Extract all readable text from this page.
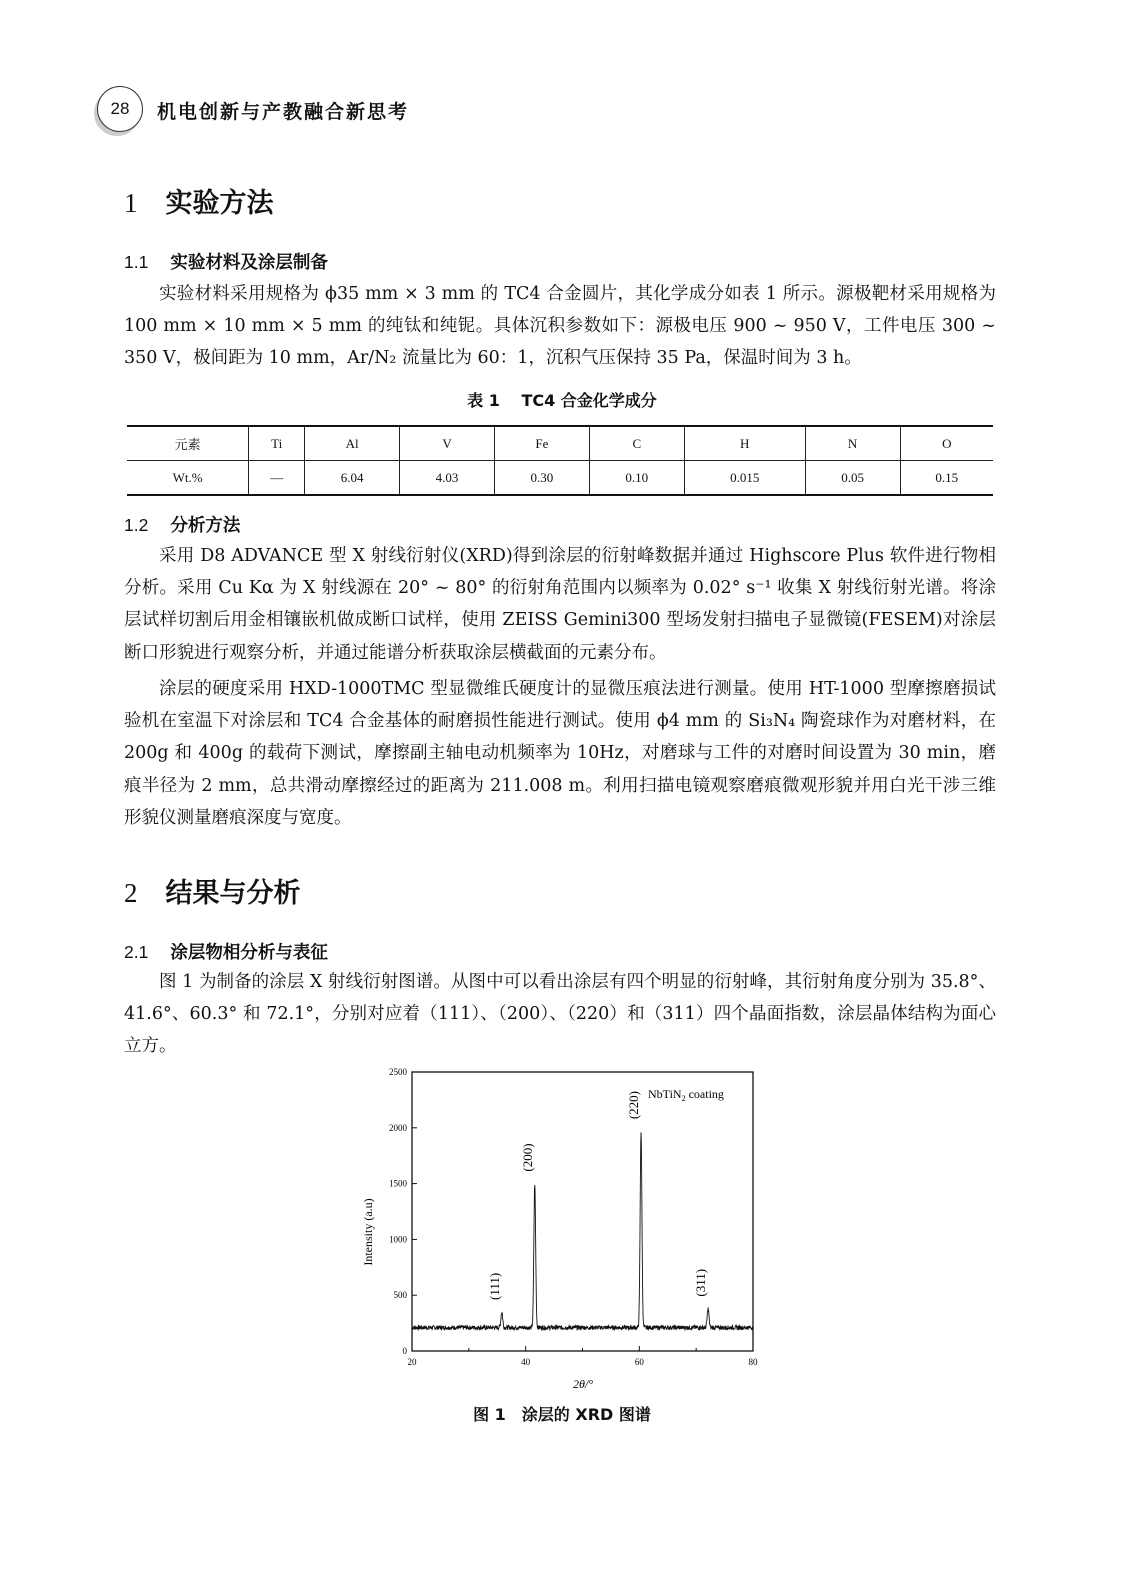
28 机电创新与产教融合新思考
1 实验方法
1.1 实验材料及涂层制备

实验材料采用规格为 ϕ35 mm × 3 mm 的 TC4 合金圆片，其化学成分如表 1 所示。源极靶材采用规格为 100 mm × 10 mm × 5 mm 的纯钛和纯铌。具体沉积参数如下：源极电压 900 ~ 950 V，工件电压 300 ~ 350 V，极间距为 10 mm，Ar/N₂ 流量比为 60：1，沉积气压保持 35 Pa，保温时间为 3 h。

表 1　 TC4 合金化学成分
元素	Ti	Al	V	Fe	C	H	N	O
Wt.%	—	6.04	4.03	0.30	0.10	0.015	0.05	0.15
1.2 分析方法

采用 D8 ADVANCE 型 X 射线衍射仪(XRD)得到涂层的衍射峰数据并通过 Highscore Plus 软件进行物相分析。采用 Cu Kα 为 X 射线源在 20° ~ 80° 的衍射角范围内以频率为 0.02° s⁻¹ 收集 X 射线衍射光谱。将涂层试样切割后用金相镶嵌机做成断口试样，使用 ZEISS Gemini300 型场发射扫描电子显微镜(FESEM)对涂层断口形貌进行观察分析，并通过能谱分析获取涂层横截面的元素分布。

涂层的硬度采用 HXD-1000TMC 型显微维氏硬度计的显微压痕法进行测量。使用 HT-1000 型摩擦磨损试验机在室温下对涂层和 TC4 合金基体的耐磨损性能进行测试。使用 ϕ4 mm 的 Si₃N₄ 陶瓷球作为对磨材料，在 200g 和 400g 的载荷下测试，摩擦副主轴电动机频率为 10Hz，对磨球与工件的对磨时间设置为 30 min，磨痕半径为 2 mm，总共滑动摩擦经过的距离为 211.008 m。利用扫描电镜观察磨痕微观形貌并用白光干涉三维形貌仪测量磨痕深度与宽度。

2 结果与分析
2.1 涂层物相分析与表征

图 1 为制备的涂层 X 射线衍射图谱。从图中可以看出涂层有四个明显的衍射峰，其衍射角度分别为 35.8°、41.6°、60.3° 和 72.1°，分别对应着（111）、（200）、（220）和（311）四个晶面指数，涂层晶体结构为面心立方。

0
500
1000
1500
2000
2500
20	40	60	80
(111)
(200)
(220)
(311)
NbTiN$_2$ coating
2θ/°
Intensity (a.u)
图 1　涂层的 XRD 图谱
